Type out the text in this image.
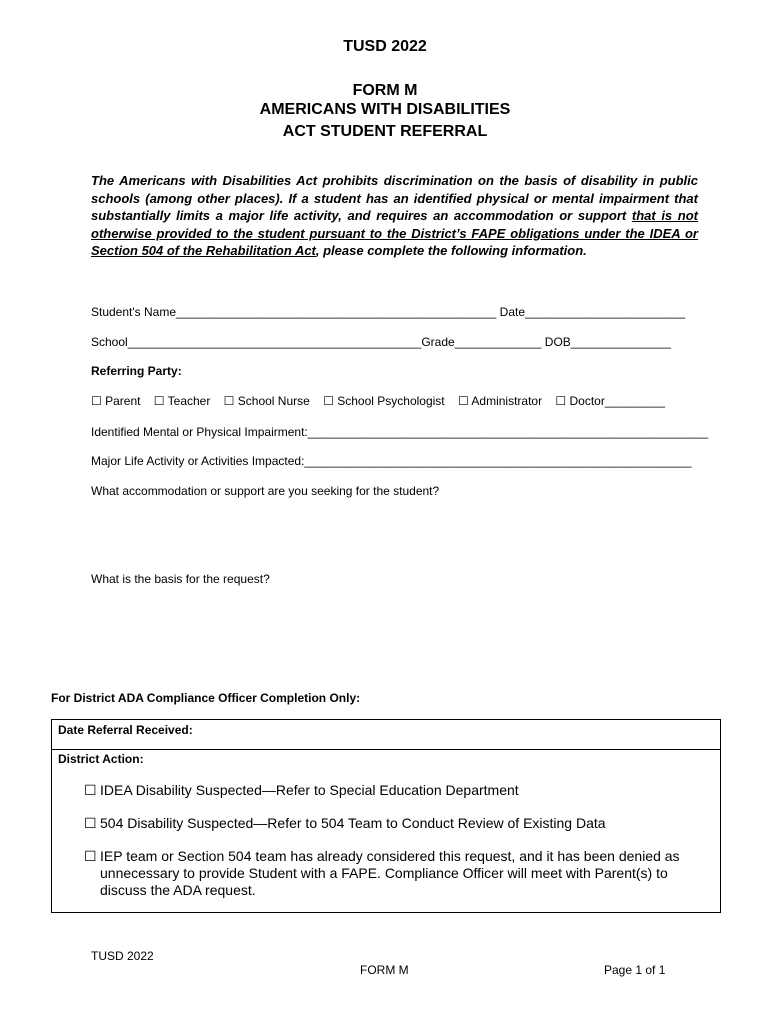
TUSD 2022
FORM M
AMERICANS WITH DISABILITIES
ACT STUDENT REFERRAL
The Americans with Disabilities Act prohibits discrimination on the basis of disability in public schools (among other places). If a student has an identified physical or mental impairment that substantially limits a major life activity, and requires an accommodation or support that is not otherwise provided to the student pursuant to the District’s FAPE obligations under the IDEA or Section 504 of the Rehabilitation Act, please complete the following information.
Student's Name________________________________________________ Date________________________
School____________________________________________Grade_____________ DOB_______________
Referring Party:
☐ Parent    ☐ Teacher    ☐ School Nurse    ☐ School Psychologist    ☐ Administrator    ☐ Doctor_________
Identified Mental or Physical Impairment:____________________________________________________________
Major Life Activity or Activities Impacted:__________________________________________________________
What accommodation or support are you seeking for the student?
What is the basis for the request?
For District ADA Compliance Officer Completion Only:
Date Referral Received:
District Action:
☐ IDEA Disability Suspected—Refer to Special Education Department
☐ 504 Disability Suspected—Refer to 504 Team to Conduct Review of Existing Data
☐ IEP team or Section 504 team has already considered this request, and it has been denied as unnecessary to provide Student with a FAPE. Compliance Officer will meet with Parent(s) to discuss the ADA request.
TUSD 2022
FORM M	Page 1 of 1
